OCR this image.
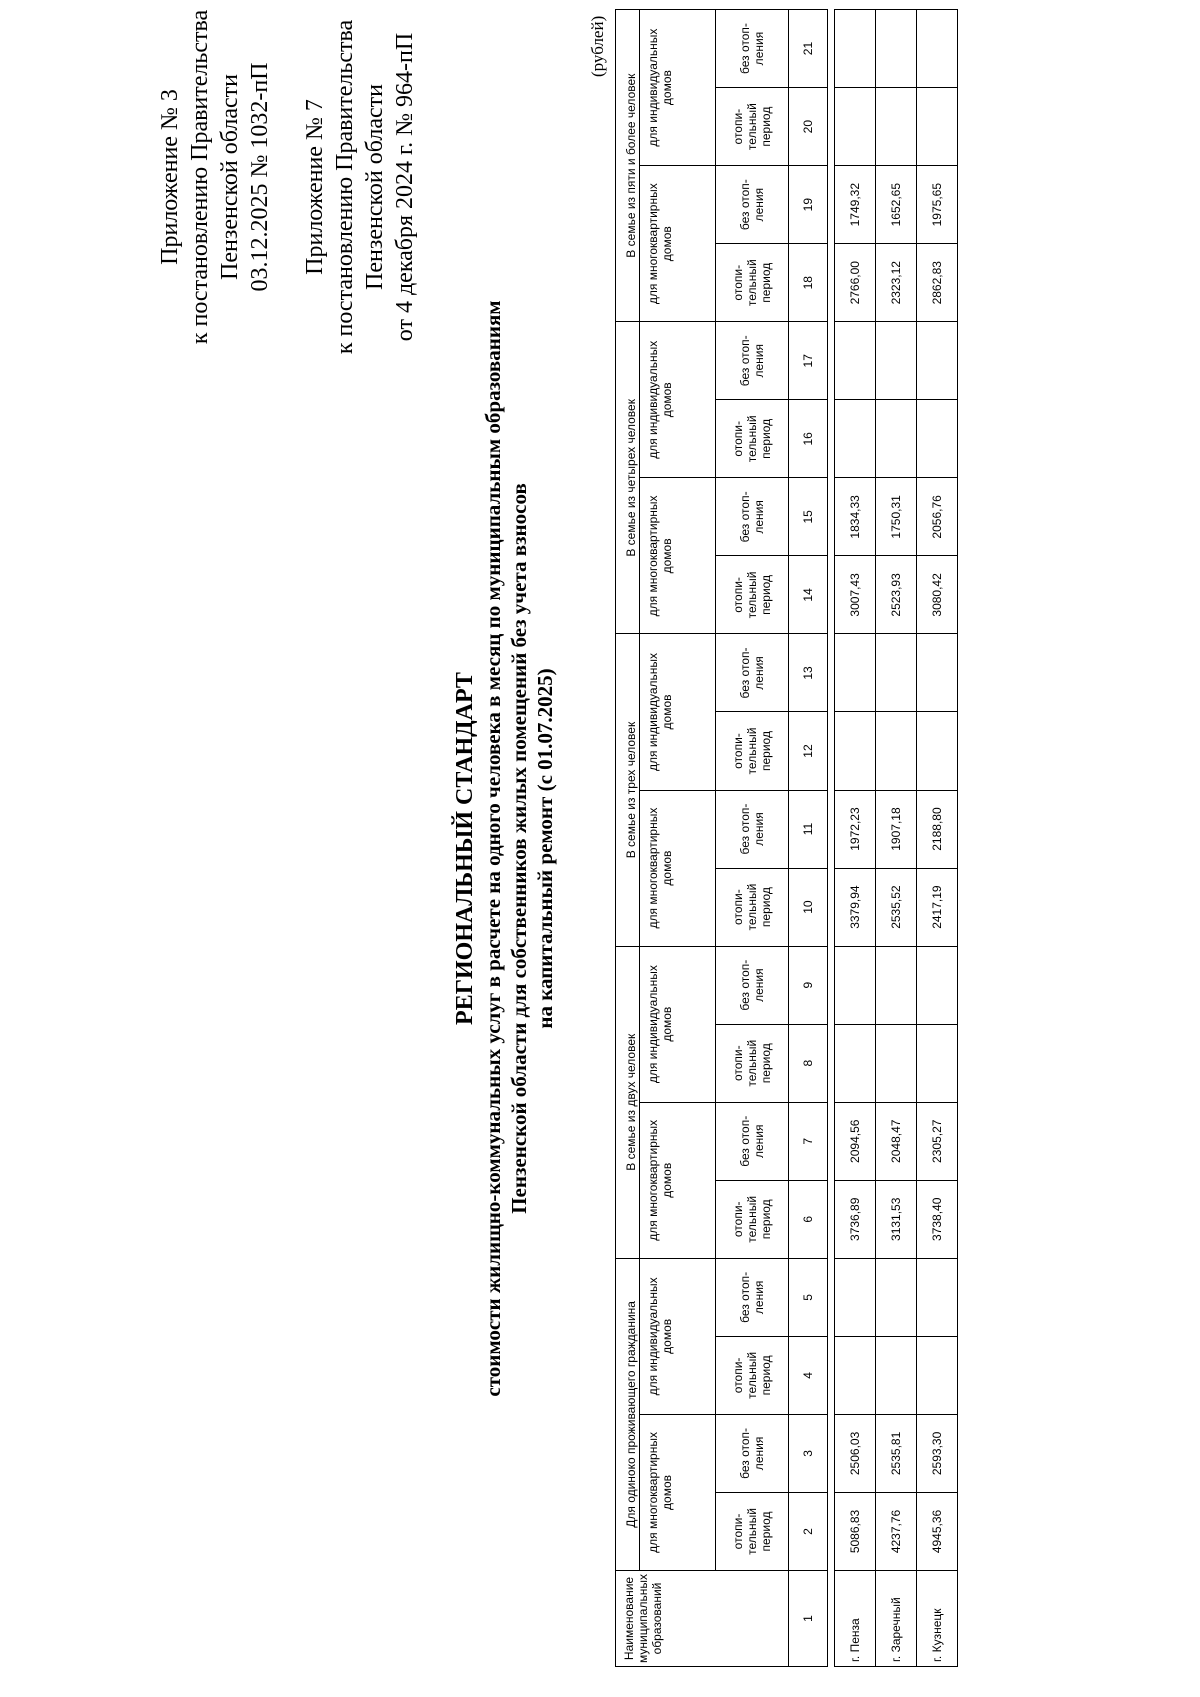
Приложение № 3 к постановлению Правительства Пензенской области 03.12.2025 № 1032-пП Приложение № 7 к постановлению Правительства Пензенской области от 4 декабря 2024 г. № 964-пП
РЕГИОНАЛЬНЫЙ СТАНДАРТ стоимости жилищно-коммунальных услуг в расчете на одного человека в месяц по муниципальным образованиям Пензенской области для собственников жилых помещений без учета взносов на капитальный ремонт (с 01.07.2025)
(рублей)
Наименование муниципальных образований	Для одиноко проживающего гражданина				В семье из двух человек				В семье из трех человек				В семье из четырех человек				В семье из пяти и более человек			
	для многоквартирных домов		для индивидуальных домов		для многоквартирных домов		для индивидуальных домов		для многоквартирных домов		для индивидуальных домов		для многоквартирных домов		для индивидуальных домов		для многоквартирных домов		для индивидуальных домов	
	отопи-тельный период	без отоп-ления	отопи-тельный период	без отоп-ления	отопи-тельный период	без отоп-ления	отопи-тельный период	без отоп-ления	отопи-тельный период	без отоп-ления	отопи-тельный период	без отоп-ления	отопи-тельный период	без отоп-ления	отопи-тельный период	без отоп-ления	отопи-тельный период	без отоп-ления	отопи-тельный период	без отоп-ления
1	2	3	4	5	6	7	8	9	10	11	12	13	14	15	16	17	18	19	20	21

г. Пенза	5086,83	2506,03			3736,89	2094,56			3379,94	1972,23			3007,43	1834,33			2766,00	1749,32		
г. Заречный	4237,76	2535,81			3131,53	2048,47			2535,52	1907,18			2523,93	1750,31			2323,12	1652,65		
г. Кузнецк	4945,36	2593,30			3738,40	2305,27			2417,19	2188,80			3080,42	2056,76			2862,83	1975,65		
